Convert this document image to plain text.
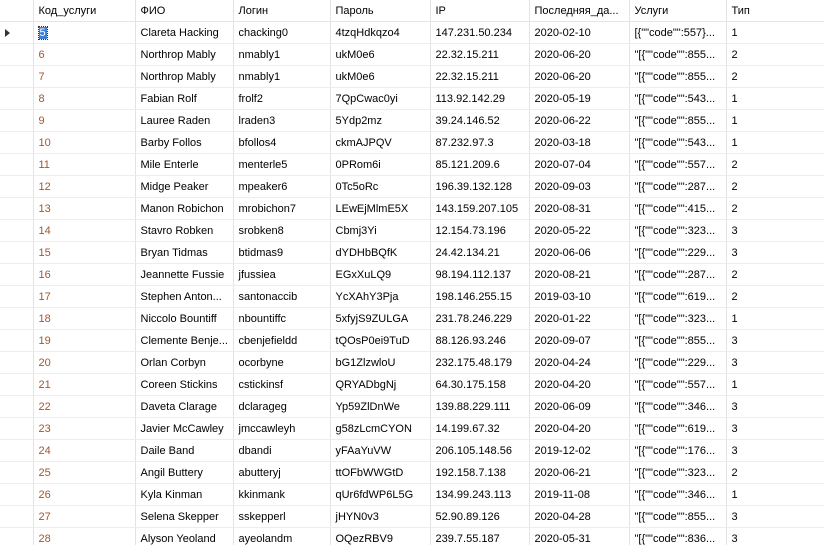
	Код_услуги	ФИО	Логин	Пароль	IP	Последняя_да...	Услуги	Тип

	5	Clareta Hacking	chacking0	4tzqHdkqzo4	147.231.50.234	2020-02-10	[{""code"":557}...	1
	6	Northrop Mably	nmably1	ukM0e6	22.32.15.211	2020-06-20	"[{""code"":855...	2
	7	Northrop Mably	nmably1	ukM0e6	22.32.15.211	2020-06-20	"[{""code"":855...	2
	8	Fabian Rolf	frolf2	7QpCwac0yi	113.92.142.29	2020-05-19	"[{""code"":543...	1
	9	Lauree Raden	lraden3	5Ydp2mz	39.24.146.52	2020-06-22	"[{""code"":855...	1
	10	Barby Follos	bfollos4	ckmAJPQV	87.232.97.3	2020-03-18	"[{""code"":543...	1
	11	Mile Enterle	menterle5	0PRom6i	85.121.209.6	2020-07-04	"[{""code"":557...	2
	12	Midge Peaker	mpeaker6	0Tc5oRc	196.39.132.128	2020-09-03	"[{""code"":287...	2
	13	Manon Robichon	mrobichon7	LEwEjMlmE5X	143.159.207.105	2020-08-31	"[{""code"":415...	2
	14	Stavro Robken	srobken8	Cbmj3Yi	12.154.73.196	2020-05-22	"[{""code"":323...	3
	15	Bryan Tidmas	btidmas9	dYDHbBQfK	24.42.134.21	2020-06-06	"[{""code"":229...	3
	16	Jeannette Fussie	jfussiea	EGxXuLQ9	98.194.112.137	2020-08-21	"[{""code"":287...	2
	17	Stephen Anton...	santonaccib	YcXAhY3Pja	198.146.255.15	2019-03-10	"[{""code"":619...	2
	18	Niccolo Bountiff	nbountiffc	5xfyjS9ZULGA	231.78.246.229	2020-01-22	"[{""code"":323...	1
	19	Clemente Benje...	cbenjefieldd	tQOsP0ei9TuD	88.126.93.246	2020-09-07	"[{""code"":855...	3
	20	Orlan Corbyn	ocorbyne	bG1ZlzwloU	232.175.48.179	2020-04-24	"[{""code"":229...	3
	21	Coreen Stickins	cstickinsf	QRYADbgNj	64.30.175.158	2020-04-20	"[{""code"":557...	1
	22	Daveta Clarage	dclarageg	Yp59ZlDnWe	139.88.229.111	2020-06-09	"[{""code"":346...	3
	23	Javier McCawley	jmccawleyh	g58zLcmCYON	14.199.67.32	2020-04-20	"[{""code"":619...	3
	24	Daile Band	dbandi	yFAaYuVW	206.105.148.56	2019-12-02	"[{""code"":176...	3
	25	Angil Buttery	abutteryj	ttOFbWWGtD	192.158.7.138	2020-06-21	"[{""code"":323...	2
	26	Kyla Kinman	kkinmank	qUr6fdWP6L5G	134.99.243.113	2019-11-08	"[{""code"":346...	1
	27	Selena Skepper	sskepperl	jHYN0v3	52.90.89.126	2020-04-28	"[{""code"":855...	3
	28	Alyson Yeoland	ayeolandm	OQezRBV9	239.7.55.187	2020-05-31	"[{""code"":836...	3
